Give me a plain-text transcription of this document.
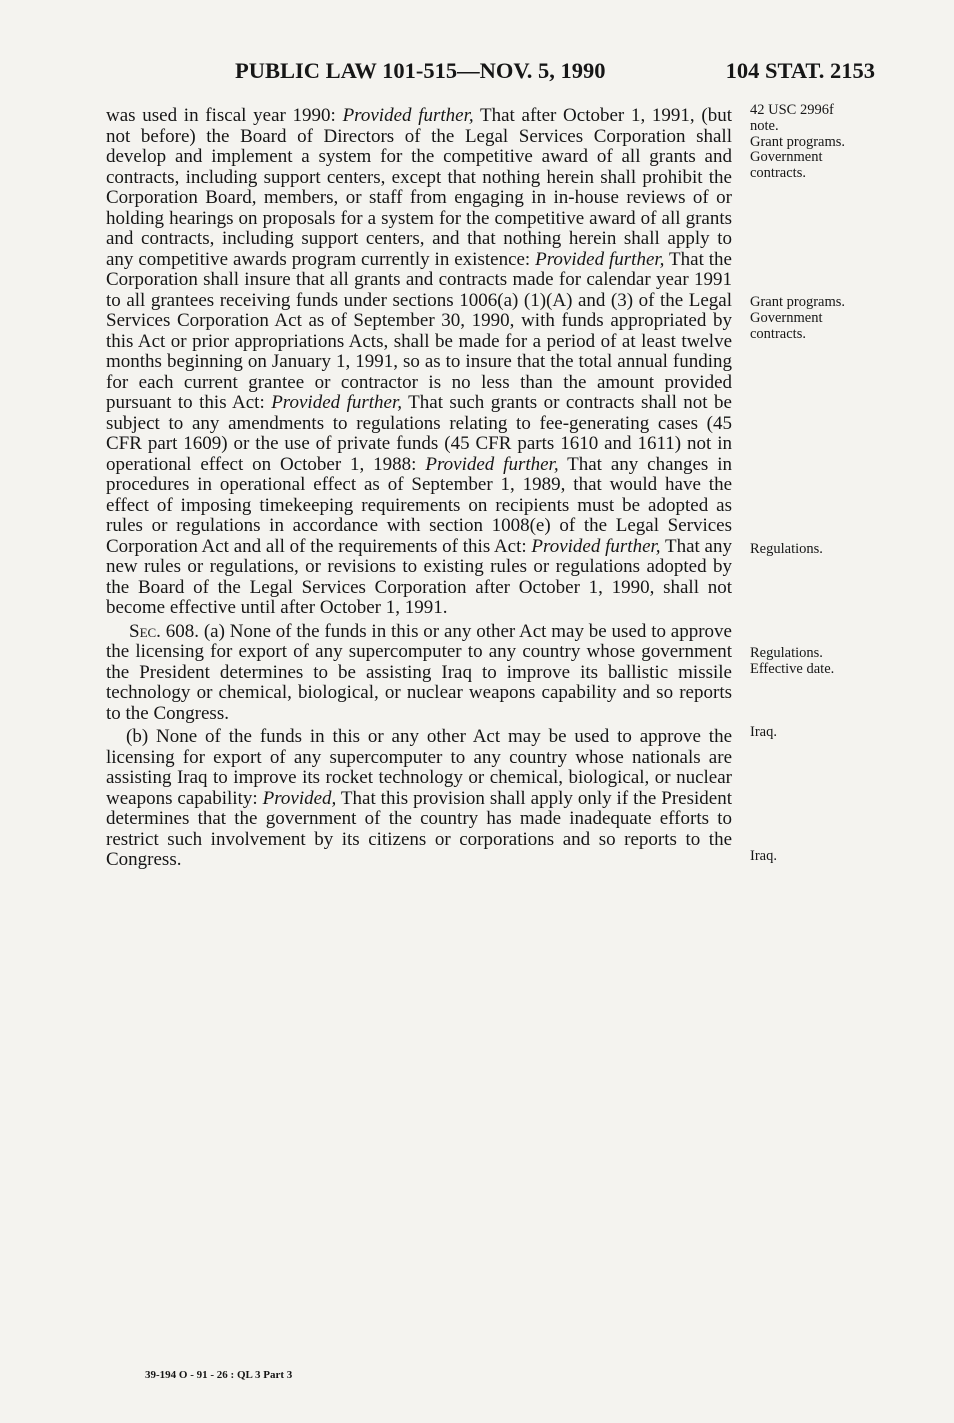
PUBLIC LAW 101-515—NOV. 5, 1990	104 STAT. 2153

was used in fiscal year 1990: Provided further, That after October 1, 1991, (but not before) the Board of Directors of the Legal Services Corporation shall develop and implement a system for the competitive award of all grants and contracts, including support centers, except that nothing herein shall prohibit the Corporation Board, members, or staff from engaging in in-house reviews of or holding hearings on proposals for a system for the competitive award of all grants and contracts, including support centers, and that nothing herein shall apply to any competitive awards program currently in existence: Provided further, That the Corporation shall insure that all grants and contracts made for calendar year 1991 to all grantees receiving funds under sections 1006(a) (1)(A) and (3) of the Legal Services Corporation Act as of September 30, 1990, with funds appropriated by this Act or prior appropriations Acts, shall be made for a period of at least twelve months beginning on January 1, 1991, so as to insure that the total annual funding for each current grantee or contractor is no less than the amount provided pursuant to this Act: Provided further, That such grants or contracts shall not be subject to any amendments to regulations relating to fee-generating cases (45 CFR part 1609) or the use of private funds (45 CFR parts 1610 and 1611) not in operational effect on October 1, 1988: Provided further, That any changes in procedures in operational effect as of September 1, 1989, that would have the effect of imposing timekeeping requirements on recipients must be adopted as rules or regulations in accordance with section 1008(e) of the Legal Services Corporation Act and all of the requirements of this Act: Provided further, That any new rules or regulations, or revisions to existing rules or regulations adopted by the Board of the Legal Services Corporation after October 1, 1990, shall not become effective until after October 1, 1991.

Sec. 608. (a) None of the funds in this or any other Act may be used to approve the licensing for export of any supercomputer to any country whose government the President determines to be assisting Iraq to improve its ballistic missile technology or chemical, biological, or nuclear weapons capability and so reports to the Congress.

(b) None of the funds in this or any other Act may be used to approve the licensing for export of any supercomputer to any country whose nationals are assisting Iraq to improve its rocket technology or chemical, biological, or nuclear weapons capability: Provided, That this provision shall apply only if the President determines that the government of the country has made inadequate efforts to restrict such involvement by its citizens or corporations and so reports to the Congress.

42 USC 2996f
note.
Grant programs.
Government
contracts.
Grant programs.
Government
contracts.
Regulations.
Regulations.
Effective date.
Iraq.
Iraq.
39-194 O - 91 - 26 : QL 3 Part 3
